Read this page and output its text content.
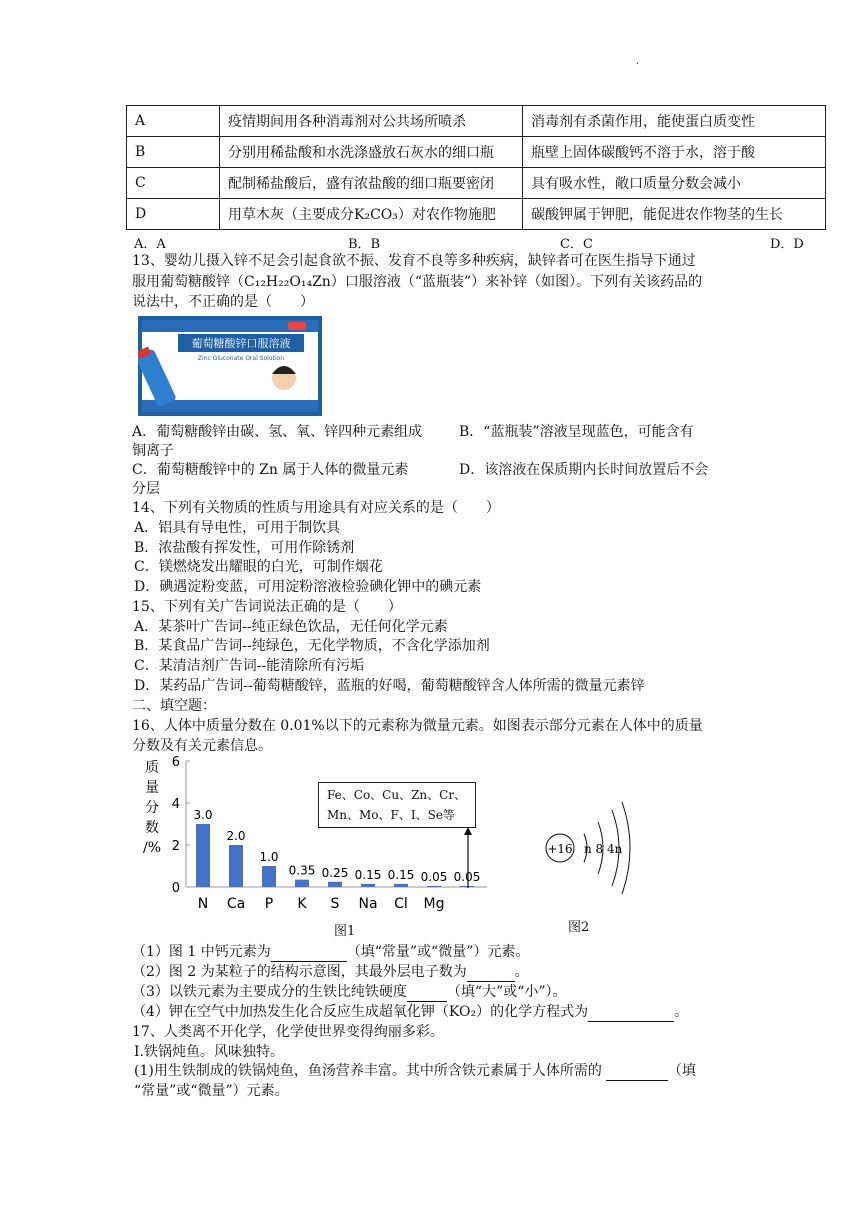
.
A	疫情期间用各种消毒剂对公共场所喷杀	消毒剂有杀菌作用，能使蛋白质变性
B	分别用稀盐酸和水洗涤盛放石灰水的细口瓶	瓶壁上固体碳酸钙不溶于水，溶于酸
C	配制稀盐酸后，盛有浓盐酸的细口瓶要密闭	具有吸水性，敞口质量分数会减小
D	用草木灰（主要成分K₂CO₃）对农作物施肥	碳酸钾属于钾肥，能促进农作物茎的生长
A．A	B．B	C．C	D．D
13、婴幼儿摄入锌不足会引起食欲不振、发育不良等多种疾病，缺锌者可在医生指导下通过
服用葡萄糖酸锌（C₁₂H₂₂O₁₄Zn）口服溶液（“蓝瓶装”）来补锌（如图）。下列有关该药品的
说法中，不正确的是（　　）
葡萄糖酸锌口服溶液
Zinc Gluconate Oral Solution
A．葡萄糖酸锌由碳、氢、氧、锌四种元素组成	B．“蓝瓶装”溶液呈现蓝色，可能含有
铜离子
C．葡萄糖酸锌中的 Zn 属于人体的微量元素	D．该溶液在保质期内长时间放置后不会
分层
14、下列有关物质的性质与用途具有对应关系的是（　　）
A．铝具有导电性，可用于制饮具
B．浓盐酸有挥发性，可用作除锈剂
C．镁燃烧发出耀眼的白光，可制作烟花
D．碘遇淀粉变蓝，可用淀粉溶液检验碘化钾中的碘元素
15、下列有关广告词说法正确的是（　　）
A．某茶叶广告词--纯正绿色饮品，无任何化学元素
B．某食品广告词--纯绿色，无化学物质，不含化学添加剂
C．某清洁剂广告词--能清除所有污垢
D．某药品广告词--葡萄糖酸锌，蓝瓶的好喝，葡萄糖酸锌含人体所需的微量元素锌
二、填空题：
16、人体中质量分数在 0.01%以下的元素称为微量元素。如图表示部分元素在人体中的质量
分数及有关元素信息。
质
量
分
数
/%
0
2
4
6
3.0
N
2.0
Ca
1.0
P
0.35
K
0.25
S
0.15
Na
0.15
Cl
0.05
Mg
0.05
Fe、Co、Cu、Zn、Cr、
Mn、Mo、F、I、Se等
+16 n 8 4n
图1	图2
（1）图 1 中钙元素为	（填“常量”或“微量”）元素。
（2）图 2 为某粒子的结构示意图，其最外层电子数为	。
（3）以铁元素为主要成分的生铁比纯铁硬度	（填“大”或“小”）。
（4）钾在空气中加热发生化合反应生成超氧化钾（KO₂）的化学方程式为	。
17、人类离不开化学，化学使世界变得绚丽多彩。
Ⅰ.铁锅炖鱼。风味独特。
(1)用生铁制成的铁锅炖鱼，鱼汤营养丰富。其中所含铁元素属于人体所需的	（填
“常量”或“微量”）元素。
